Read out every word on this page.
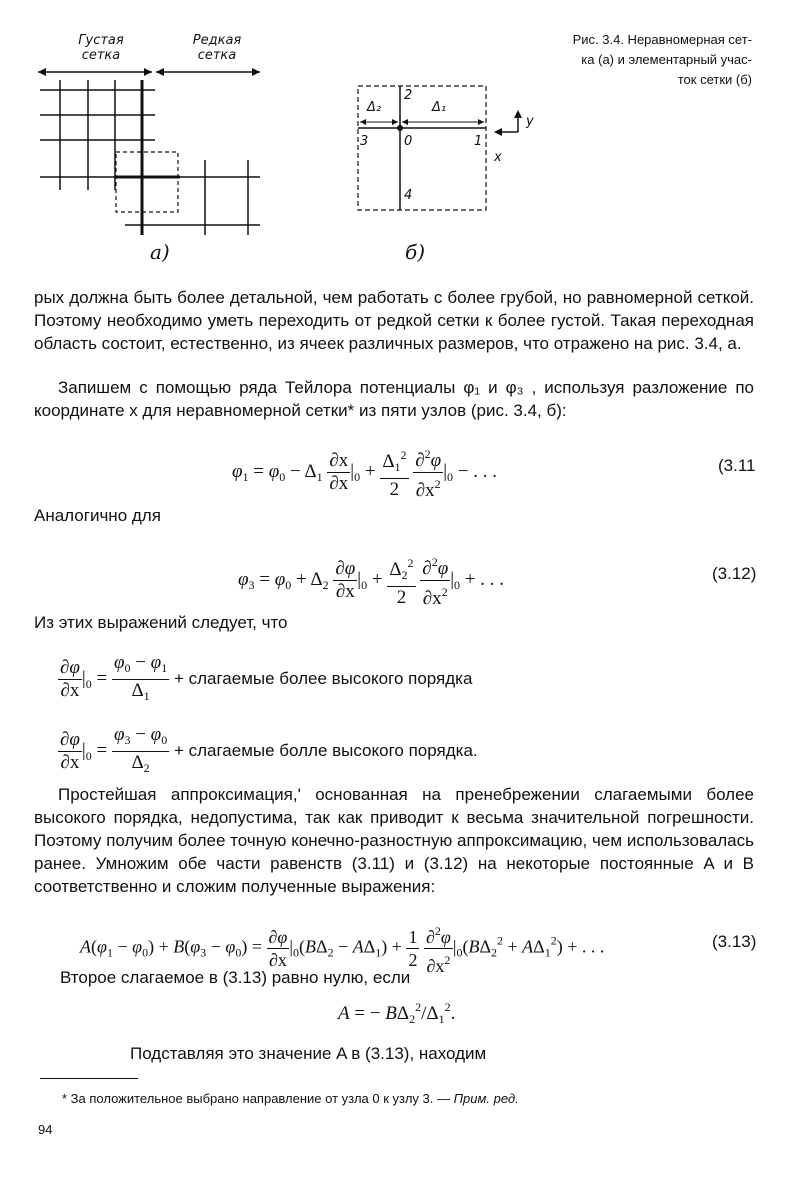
Густая
сетка
Редкая
сетка
а)
Δ₂	Δ₁
2
3	0	1
4
y
x
б)
Рис. 3.4. Неравномерная сет-
ка (а) и элементарный учас-
ток сетки (б)
рых должна быть более детальной, чем работать с более грубой, но равномерной сеткой. Поэтому необходимо уметь переходить от редкой сетки к более густой. Такая переходная область состоит, естественно, из ячеек различных размеров, что отражено на рис. 3.4, а.
Запишем с помощью ряда Тейлора потенциалы φ₁ и φ₃ , используя разложение по координате x для неравномерной сетки* из пяти узлов (рис. 3.4, б):
$\varphi_1 = \varphi_0 - \Delta_1 \frac{\partial x}{\partial x} |_0 + \frac{\Delta_1^2}{2}$
$\frac{\partial^2\varphi}{\partial x^2} |_0$ − . . .	(3.11
Аналогично для
$\varphi_3 = \varphi_0 + \Delta_2 \frac{\partial\varphi}{\partial x} |_0 + \frac{\Delta_2^2}{2}$
$\frac{\partial^2\varphi}{\partial x^2} |_0$ + . . .	(3.12)
Из этих выражений следует, что
$\frac{\partial\varphi}{\partial x} |_0 = \frac{\varphi_0 - \varphi_1}{\Delta_1}$ + слагаемые более высокого порядка
$\frac{\partial\varphi}{\partial x} |_0 = \frac{\varphi_3 - \varphi_0}{\Delta_2}$ + слагаемые болле высокого порядка.
Простейшая аппроксимация,' основанная на пренебрежении слагаемыми более высокого порядка, недопустима, так как приводит к весьма значительной погрешности. Поэтому получим более точную конечно-разностную аппроксимацию, чем использовалась ранее. Умножим обе части равенств (3.11) и (3.12) на некоторые постоянные A и B соответственно и сложим полученные выражения:
$A(\varphi_1 - \varphi_0) + B(\varphi_3 - \varphi_0) = \frac{\partial\varphi}{\partial x} |_0(B\Delta_2 - A\Delta_1) + \frac{1}{2}$
$\frac{\partial^2\varphi}{\partial x^2} |_0(B\Delta_2^2 + A\Delta_1^2)$ + . . .	(3.13)
Второе слагаемое в (3.13) равно нулю, если
A = − $B\Delta_2^2/\Delta_1^2$.
Подставляя это значение A в (3.13), находим
* За положительное выбрано направление от узла 0 к узлу 3. — Прим. ред.
94
